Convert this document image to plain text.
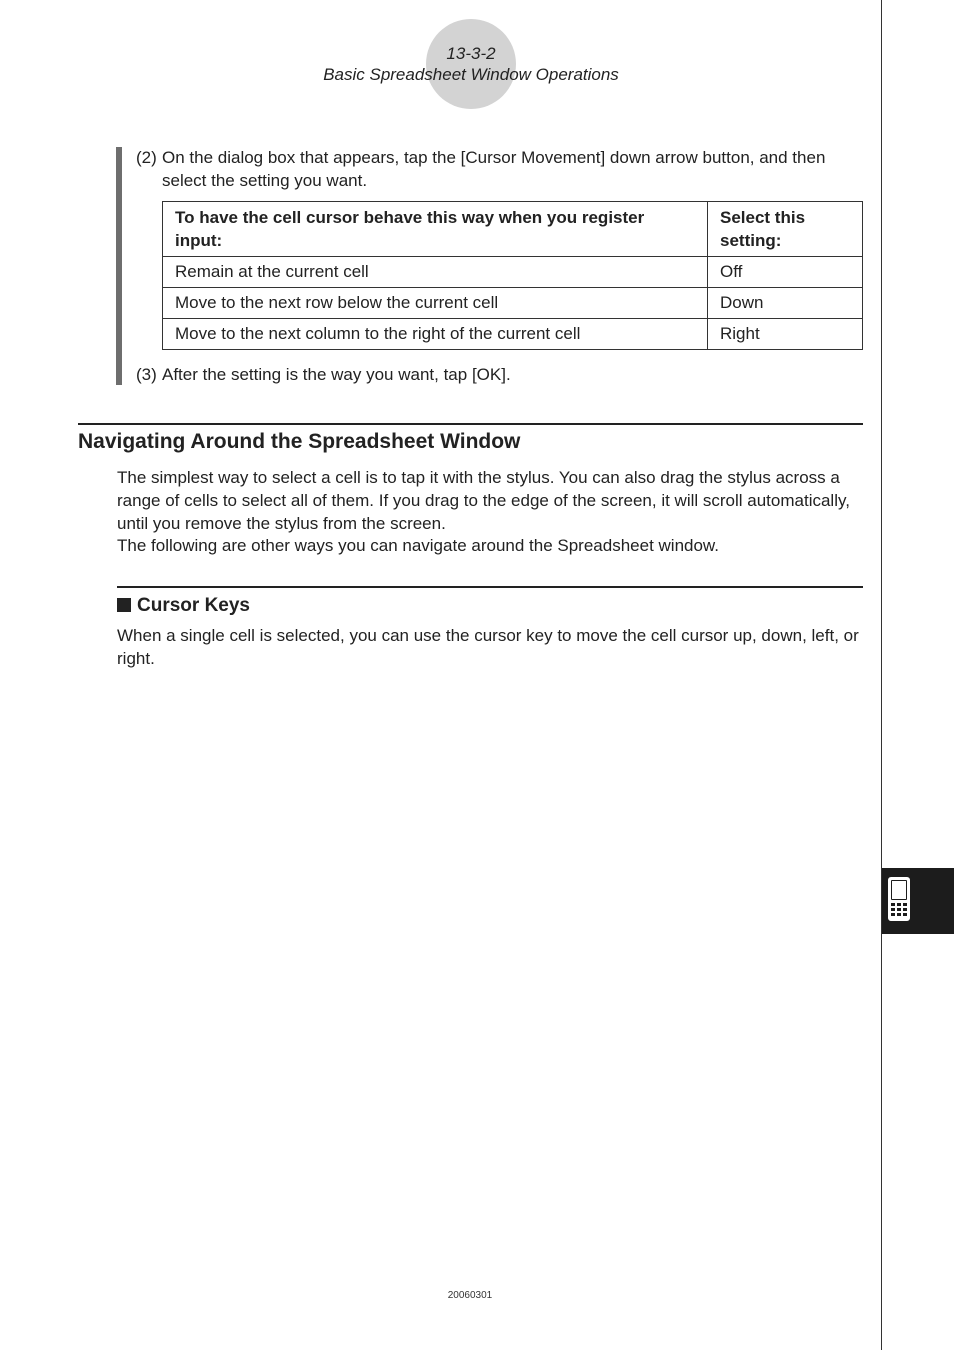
13-3-2
Basic Spreadsheet Window Operations
(2) On the dialog box that appears, tap the [Cursor Movement] down arrow button, and then select the setting you want.
To have the cell cursor behave this way when you register input:	Select this setting:
Remain at the current cell	Off
Move to the next row below the current cell	Down
Move to the next column to the right of the current cell	Right
(3) After the setting is the way you want, tap [OK].
Navigating Around the Spreadsheet Window
The simplest way to select a cell is to tap it with the stylus. You can also drag the stylus across a range of cells to select all of them. If you drag to the edge of the screen, it will scroll automatically, until you remove the stylus from the screen.
The following are other ways you can navigate around the Spreadsheet window.
Cursor Keys
When a single cell is selected, you can use the cursor key to move the cell cursor up, down, left, or right.
20060301
